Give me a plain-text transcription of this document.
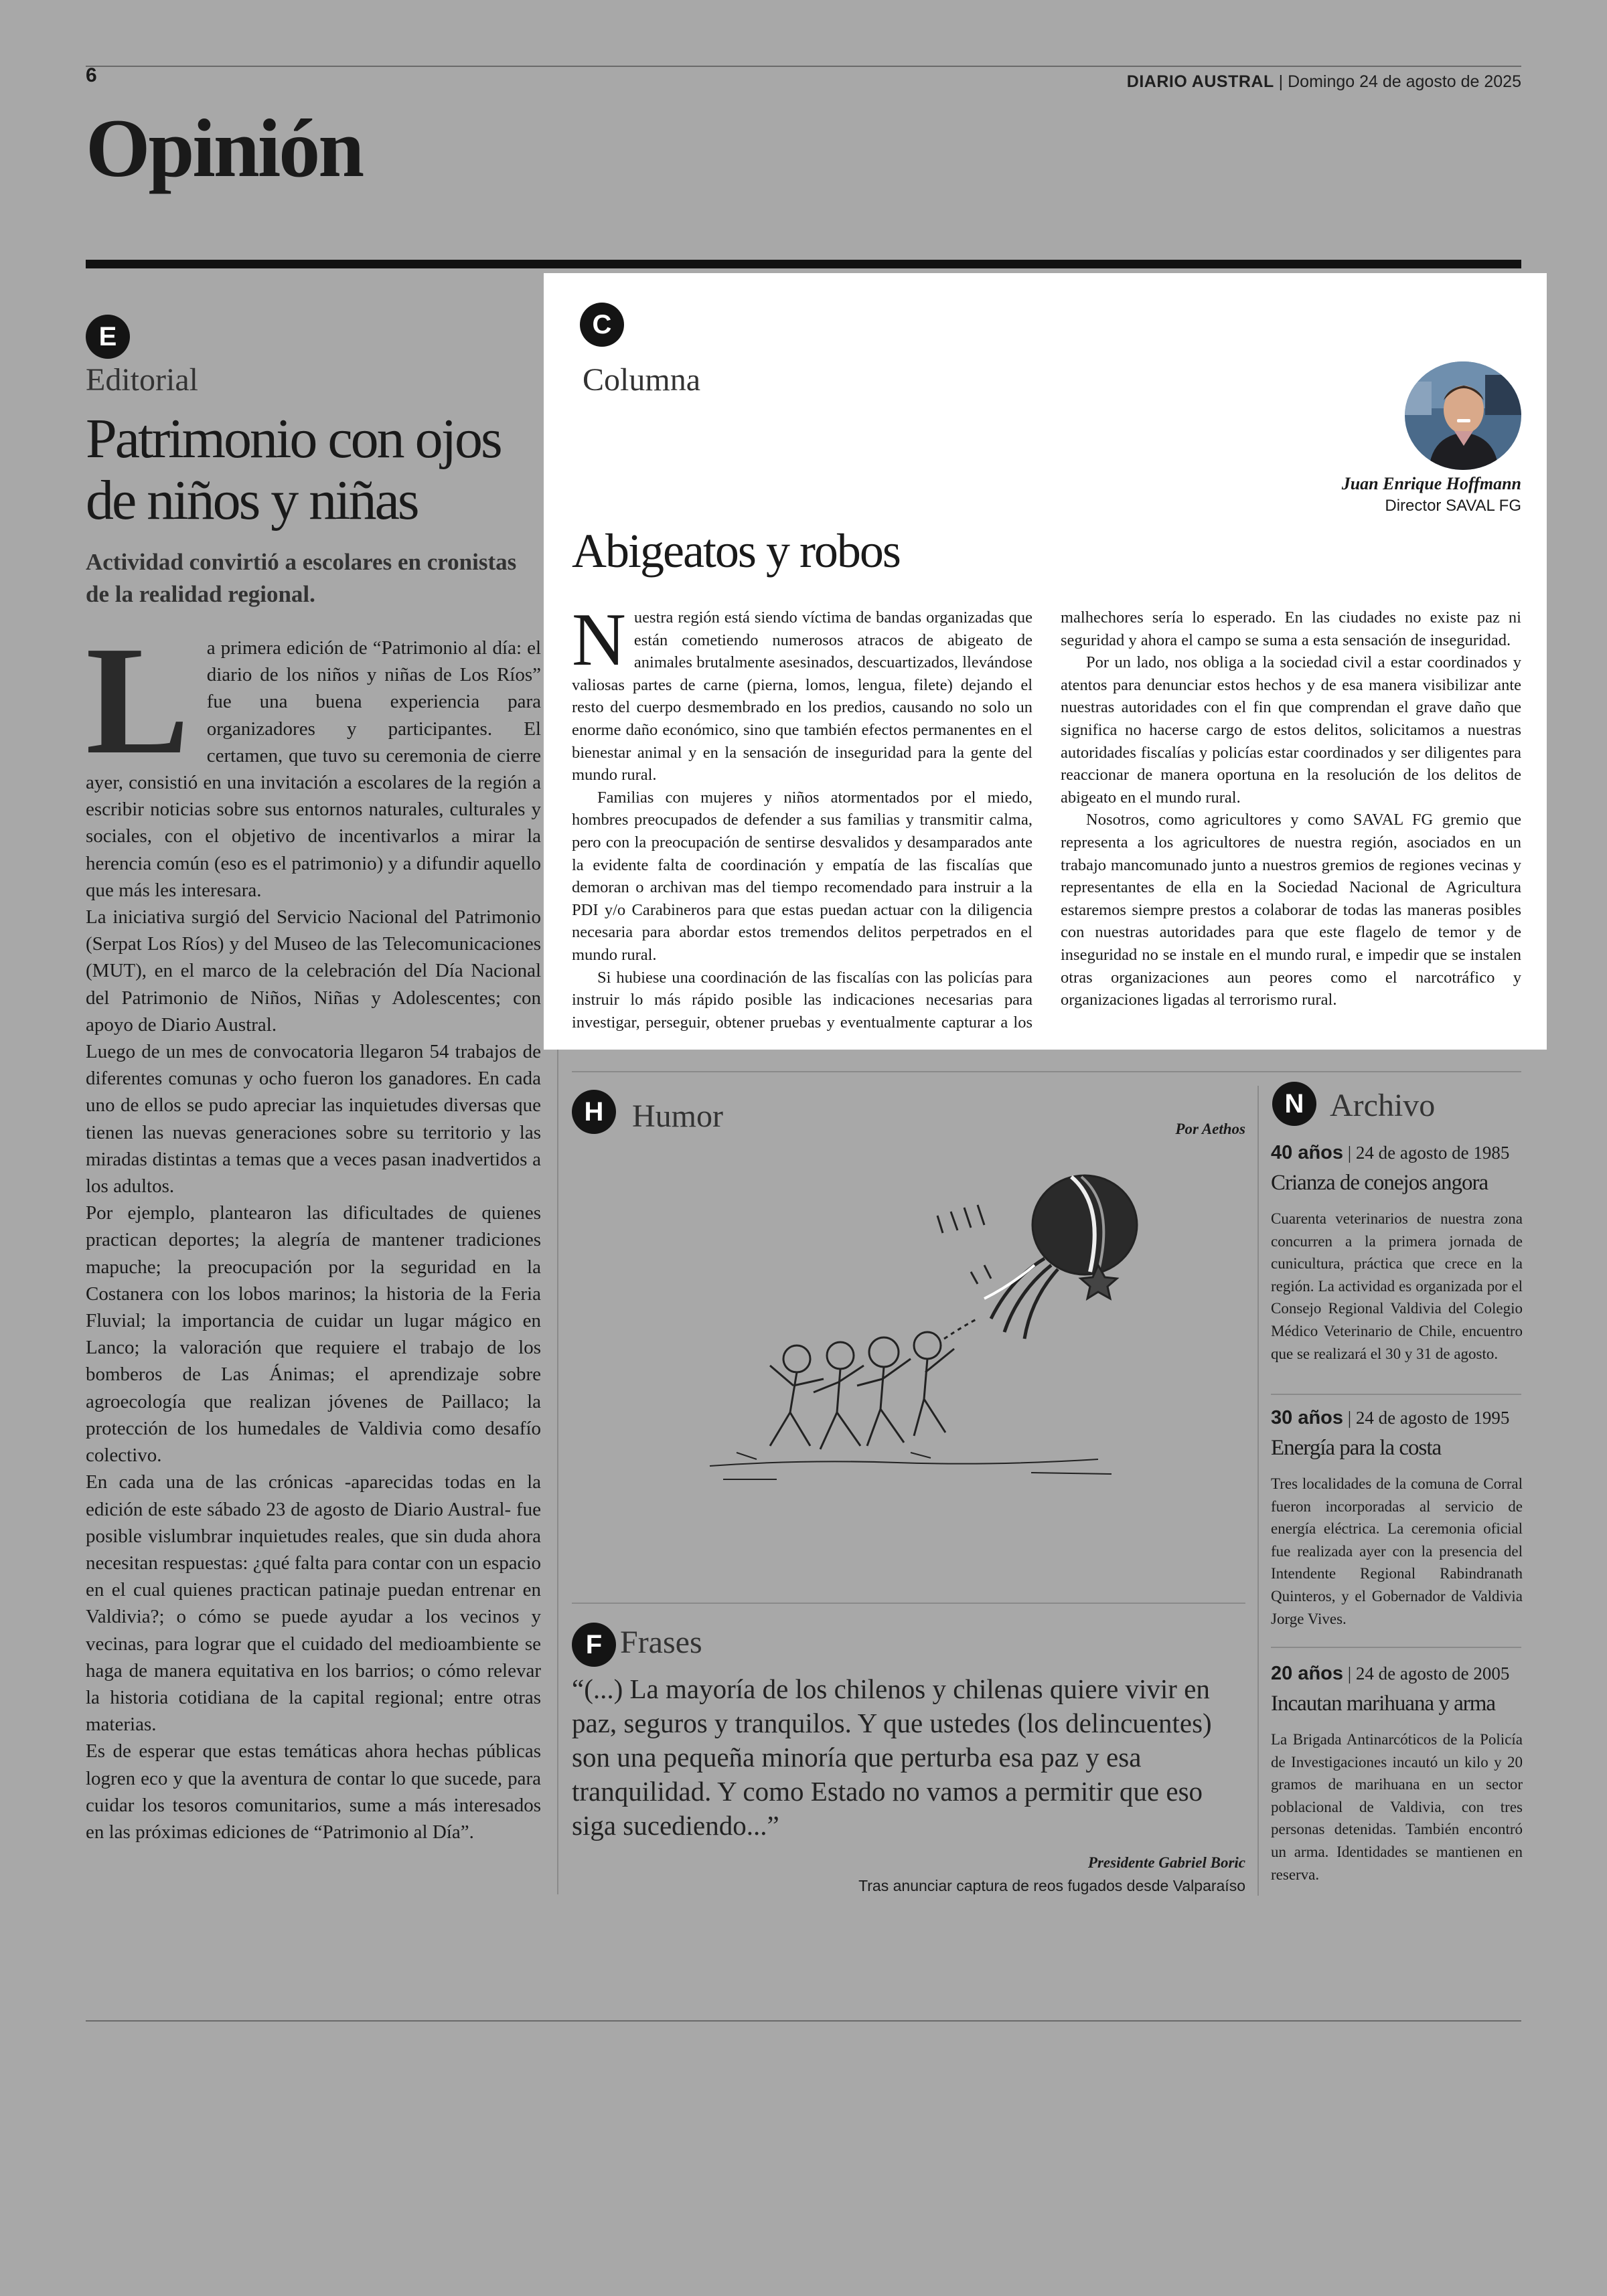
6	DIARIO AUSTRAL | Domingo 24 de agosto de 2025
Opinión
E
Editorial
Patrimonio con ojos de niños y niñas
Actividad convirtió a escolares en cronistas de la realidad regional.

La primera edición de “Patrimonio al día: el diario de los niños y niñas de Los Ríos” fue una buena experiencia para organizadores y participantes. El certamen, que tuvo su ceremonia de cierre ayer, consistió en una invitación a escolares de la región a escribir noticias sobre sus entornos naturales, culturales y sociales, con el objetivo de incentivarlos a mirar la herencia común (eso es el patrimonio) y a difundir aquello que más les interesara.

La iniciativa surgió del Servicio Nacional del Patrimonio (Serpat Los Ríos) y del Museo de las Telecomunicaciones (MUT), en el marco de la celebración del Día Nacional del Patrimonio de Niños, Niñas y Adolescentes; con apoyo de Diario Austral.

Luego de un mes de convocatoria llegaron 54 trabajos de diferentes comunas y ocho fueron los ganadores. En cada uno de ellos se pudo apreciar las inquietudes diversas que tienen las nuevas generaciones sobre su territorio y las miradas distintas a temas que a veces pasan inadvertidos a los adultos.

Por ejemplo, plantearon las dificultades de quienes practican deportes; la alegría de mantener tradiciones mapuche; la preocupación por la seguridad en la Costanera con los lobos marinos; la historia de la Feria Fluvial; la importancia de cuidar un lugar mágico en Lanco; la valoración que requiere el trabajo de los bomberos de Las Ánimas; el aprendizaje sobre agroecología que realizan jóvenes de Paillaco; la protección de los humedales de Valdivia como desafío colectivo.

En cada una de las crónicas -aparecidas todas en la edición de este sábado 23 de agosto de Diario Austral- fue posible vislumbrar inquietudes reales, que sin duda ahora necesitan respuestas: ¿qué falta para contar con un espacio en el cual quienes practican patinaje puedan entrenar en Valdivia?; o cómo se puede ayudar a los vecinos y vecinas, para lograr que el cuidado del medioambiente se haga de manera equitativa en los barrios; o cómo relevar la historia cotidiana de la capital regional; entre otras materias.

Es de esperar que estas temáticas ahora hechas públicas logren eco y que la aventura de contar lo que sucede, para cuidar los tesoros comunitarios, sume a más interesados en las próximas ediciones de “Patrimonio al Día”.

C
Columna
Juan Enrique Hoffmann
Director SAVAL FG
Abigeatos y robos

Nuestra región está siendo víctima de bandas organizadas que están cometiendo numerosos atracos de abigeato de animales brutalmente asesinados, descuartizados, llevándose valiosas partes de carne (pierna, lomos, lengua, filete) dejando el resto del cuerpo desmembrado en los predios, causando no solo un enorme daño económico, sino que también efectos permanentes en el bienestar animal y en la sensación de inseguridad para la gente del mundo rural.

Familias con mujeres y niños atormentados por el miedo, hombres preocupados de defender a sus familias y transmitir calma, pero con la preocupación de sentirse desvalidos y desamparados ante la evidente falta de coordinación y empatía de las fiscalías que demoran o archivan mas del tiempo recomendado para instruir a la PDI y/o Carabineros para que estas puedan actuar con la diligencia necesaria para abordar estos tremendos delitos perpetrados en el mundo rural.

Si hubiese una coordinación de las fiscalías con las policías para instruir lo más rápido posible las indicaciones necesarias para investigar, perseguir, obtener pruebas y eventualmente capturar a los malhechores sería lo esperado. En las ciudades no existe paz ni seguridad y ahora el campo se suma a esta sensación de inseguridad.

Por un lado, nos obliga a la sociedad civil a estar coordinados y atentos para denunciar estos hechos y de esa manera visibilizar ante nuestras autoridades con el fin que comprendan el grave daño que significa no hacerse cargo de estos delitos, solicitamos a nuestras autoridades fiscalías y policías estar coordinados y ser diligentes para reaccionar de manera oportuna en la resolución de los delitos de abigeato en el mundo rural.

Nosotros, como agricultores y como SAVAL FG gremio que representa a los agricultores de nuestra región, asociados en un trabajo mancomunado junto a nuestros gremios de regiones vecinas y representantes de ella en la Sociedad Nacional de Agricultura estaremos siempre prestos a colaborar de todas las maneras posibles con nuestras autoridades para que este flagelo de temor y de inseguridad no se instale en el mundo rural, e impedir que se instalen otras organizaciones aun peores como el narcotráfico y organizaciones ligadas al terrorismo rural.

H Humor	Por Aethos
F Frases
“(...) La mayoría de los chilenos y chilenas quiere vivir en paz, seguros y tranquilos. Y que ustedes (los delincuentes) son una pequeña minoría que perturba esa paz y esa tranquilidad. Y como Estado no vamos a permitir que eso siga sucediendo...”
Presidente Gabriel Boric
Tras anunciar captura de reos fugados desde Valparaíso
N Archivo
40 años | 24 de agosto de 1985
Crianza de conejos angora
Cuarenta veterinarios de nuestra zona concurren a la primera jornada de cunicultura, práctica que crece en la región. La actividad es organizada por el Consejo Regional Valdivia del Colegio Médico Veterinario de Chile, encuentro que se realizará el 30 y 31 de agosto.
30 años | 24 de agosto de 1995
Energía para la costa
Tres localidades de la comuna de Corral fueron incorporadas al servicio de energía eléctrica. La ceremonia oficial fue realizada ayer con la presencia del Intendente Regional Rabindranath Quinteros, y el Gobernador de Valdivia Jorge Vives.
20 años | 24 de agosto de 2005
Incautan marihuana y arma
La Brigada Antinarcóticos de la Policía de Investigaciones incautó un kilo y 20 gramos de marihuana en un sector poblacional de Valdivia, con tres personas detenidas. También encontró un arma. Identidades se mantienen en reserva.
